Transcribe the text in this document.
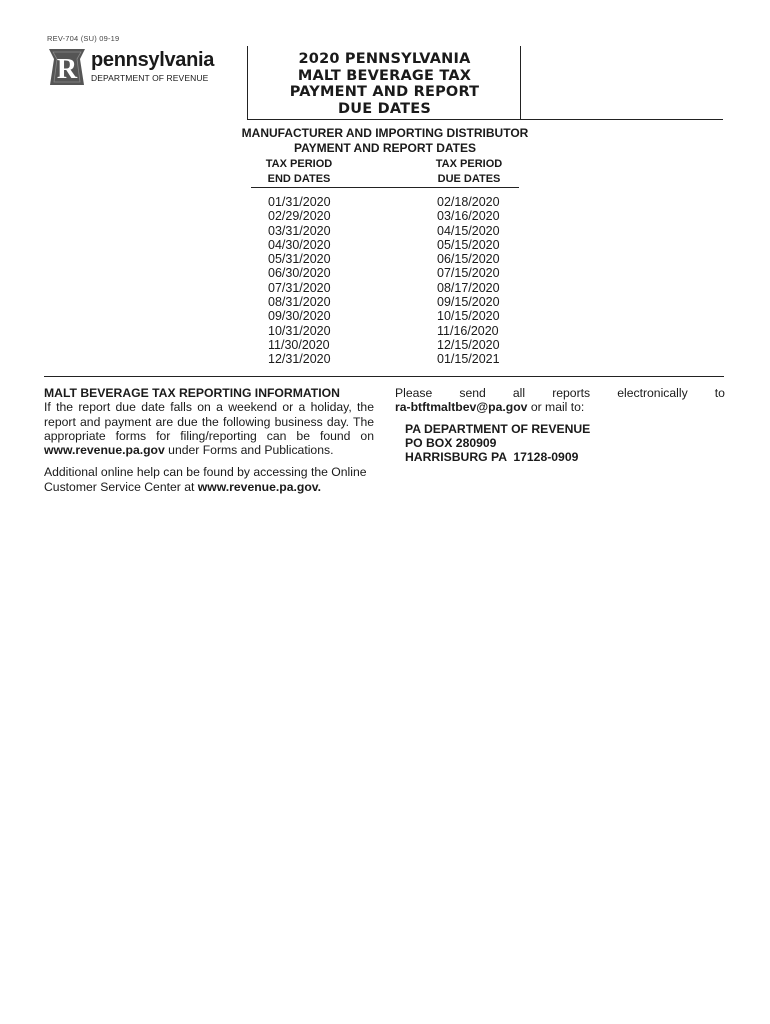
REV-704 (SU) 09-19
R pennsylvania
DEPARTMENT OF REVENUE
2020 PENNSYLVANIA
MALT BEVERAGE TAX
PAYMENT AND REPORT
DUE DATES
MANUFACTURER AND IMPORTING DISTRIBUTOR
PAYMENT AND REPORT DATES
TAX PERIOD
END DATES
TAX PERIOD
DUE DATES
01/31/2020
02/29/2020
03/31/2020
04/30/2020
05/31/2020
06/30/2020
07/31/2020
08/31/2020
09/30/2020
10/31/2020
11/30/2020
12/31/2020
02/18/2020
03/16/2020
04/15/2020
05/15/2020
06/15/2020
07/15/2020
08/17/2020
09/15/2020
10/15/2020
11/16/2020
12/15/2020
01/15/2021
MALT BEVERAGE TAX REPORTING INFORMATION
If the report due date falls on a weekend or a holiday, the report and payment are due the following business day. The appropriate forms for filing/reporting can be found on www.revenue.pa.gov under Forms and Publications.
Additional online help can be found by accessing the Online Customer Service Center at www.revenue.pa.gov.
Please send all reports electronically to
ra-btftmaltbev@pa.gov or mail to:
PA DEPARTMENT OF REVENUE
PO BOX 280909
HARRISBURG PA  17128-0909
